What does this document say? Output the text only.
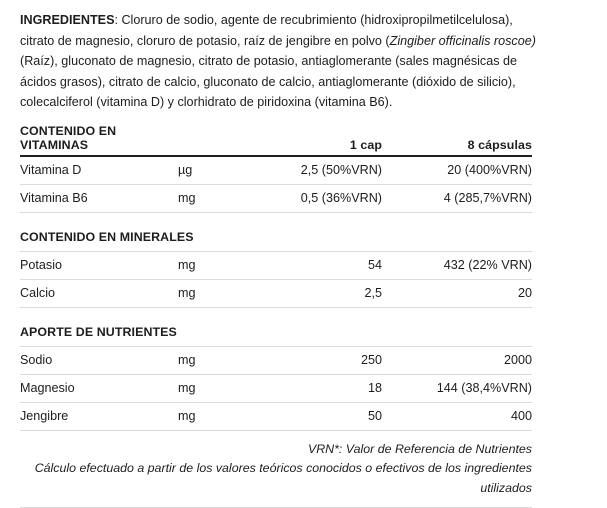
INGREDIENTES: Cloruro de sodio, agente de recubrimiento (hidroxipropilmetilcelulosa), citrato de magnesio, cloruro de potasio, raíz de jengibre en polvo (Zingiber officinalis roscoe)(Raíz), gluconato de magnesio, citrato de potasio, antiaglomerante (sales magnésicas de ácidos grasos), citrato de calcio, gluconato de calcio, antiaglomerante (dióxido de silicio), colecalciferol (vitamina D) y clorhidrato de piridoxina (vitamina B6).

CONTENIDO EN VITAMINAS		1 cap	8 cápsulas
Vitamina D	µg	2,5 (50%VRN)	20 (400%VRN)
Vitamina B6	mg	0,5 (36%VRN)	4 (285,7%VRN)

CONTENIDO EN MINERALES			
Potasio	mg	54	432 (22% VRN)
Calcio	mg	2,5	20

APORTE DE NUTRIENTES			
Sodio	mg	250	2000
Magnesio	mg	18	144 (38,4%VRN)
Jengibre	mg	50	400
VRN*: Valor de Referencia de Nutrientes
Cálculo efectuado a partir de los valores teóricos conocidos o efectivos de los ingredientes utilizados
